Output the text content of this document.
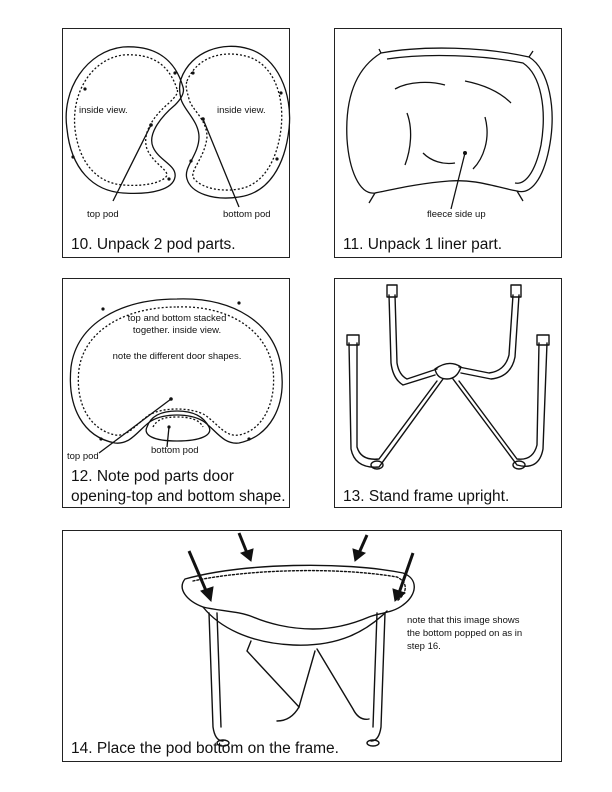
inside view.	inside view.
top pod	bottom pod
10. Unpack 2 pod parts.
fleece side up
11. Unpack 1 liner part.
top and bottom stacked
together. inside view.
note the different door shapes.
top pod
bottom pod
12. Note pod parts door
opening-top and bottom shape.	13. Stand frame upright.
note that this image shows
the bottom popped on as in
step 16.
14. Place the pod bottom on the frame.
